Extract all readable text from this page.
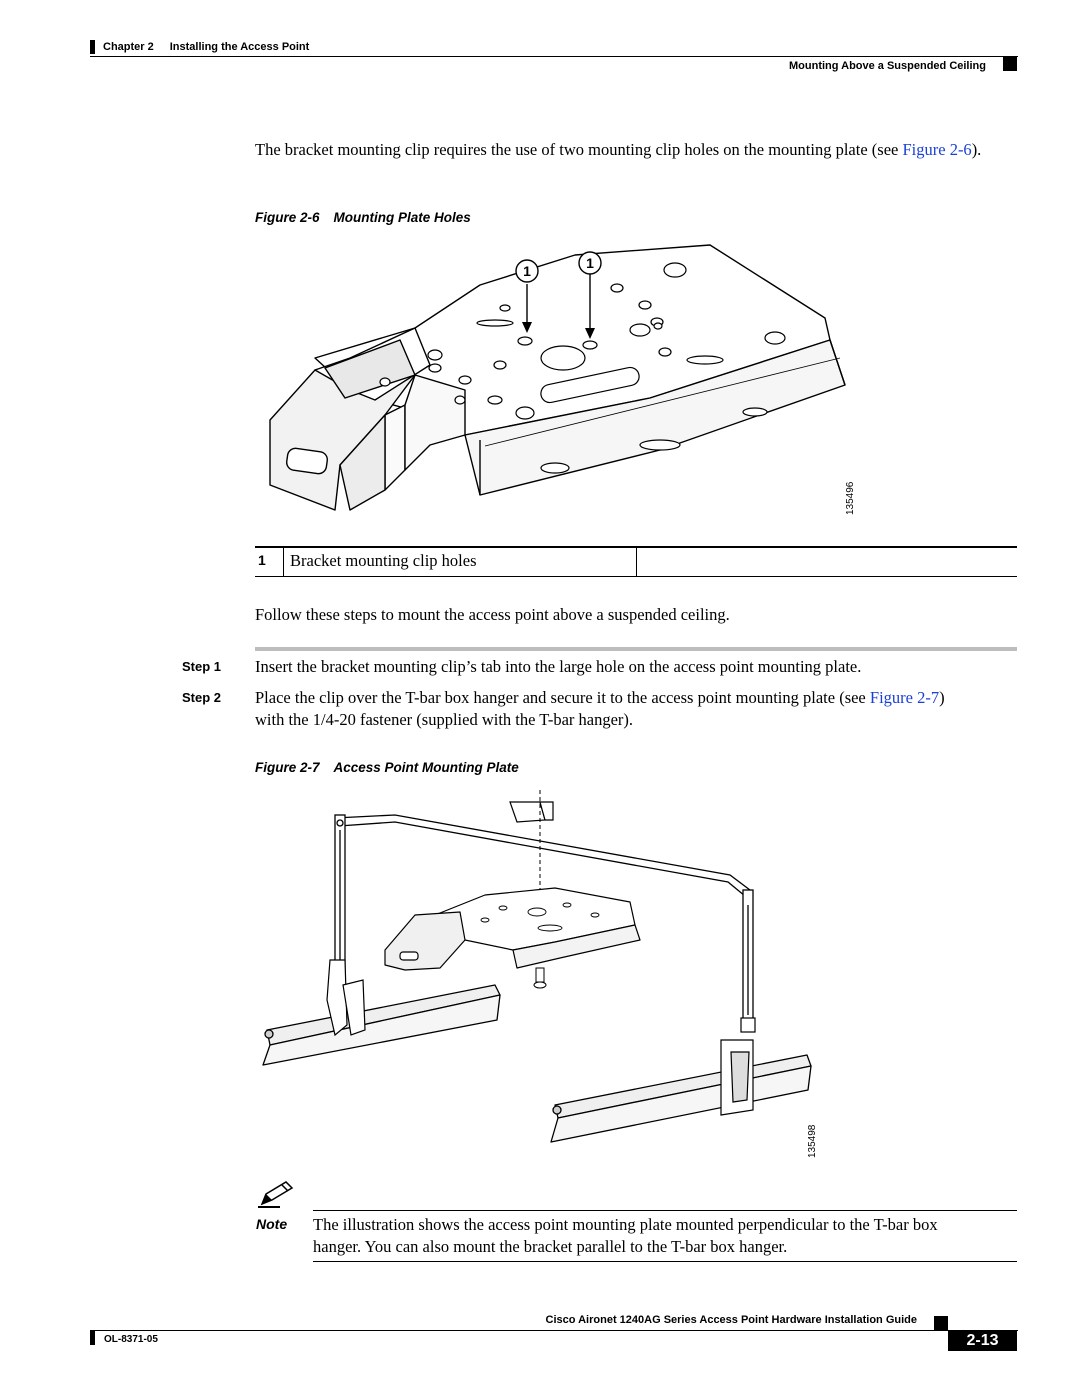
Chapter 2 Installing the Access Point
Mounting Above a Suspended Ceiling
The bracket mounting clip requires the use of two mounting clip holes on the mounting plate (see Figure 2-6).
Figure 2-6 Mounting Plate Holes
1	1
135496
1 Bracket mounting clip holes
Follow these steps to mount the access point above a suspended ceiling.
Step 1 Insert the bracket mounting clip’s tab into the large hole on the access point mounting plate.
Step 2 Place the clip over the T-bar box hanger and secure it to the access point mounting plate (see Figure 2-7)
with the 1/4-20 fastener (supplied with the T-bar hanger).
Figure 2-7 Access Point Mounting Plate
135498
Note The illustration shows the access point mounting plate mounted perpendicular to the T-bar box
hanger. You can also mount the bracket parallel to the T-bar box hanger.
Cisco Aironet 1240AG Series Access Point Hardware Installation Guide
OL-8371-05	2-13
